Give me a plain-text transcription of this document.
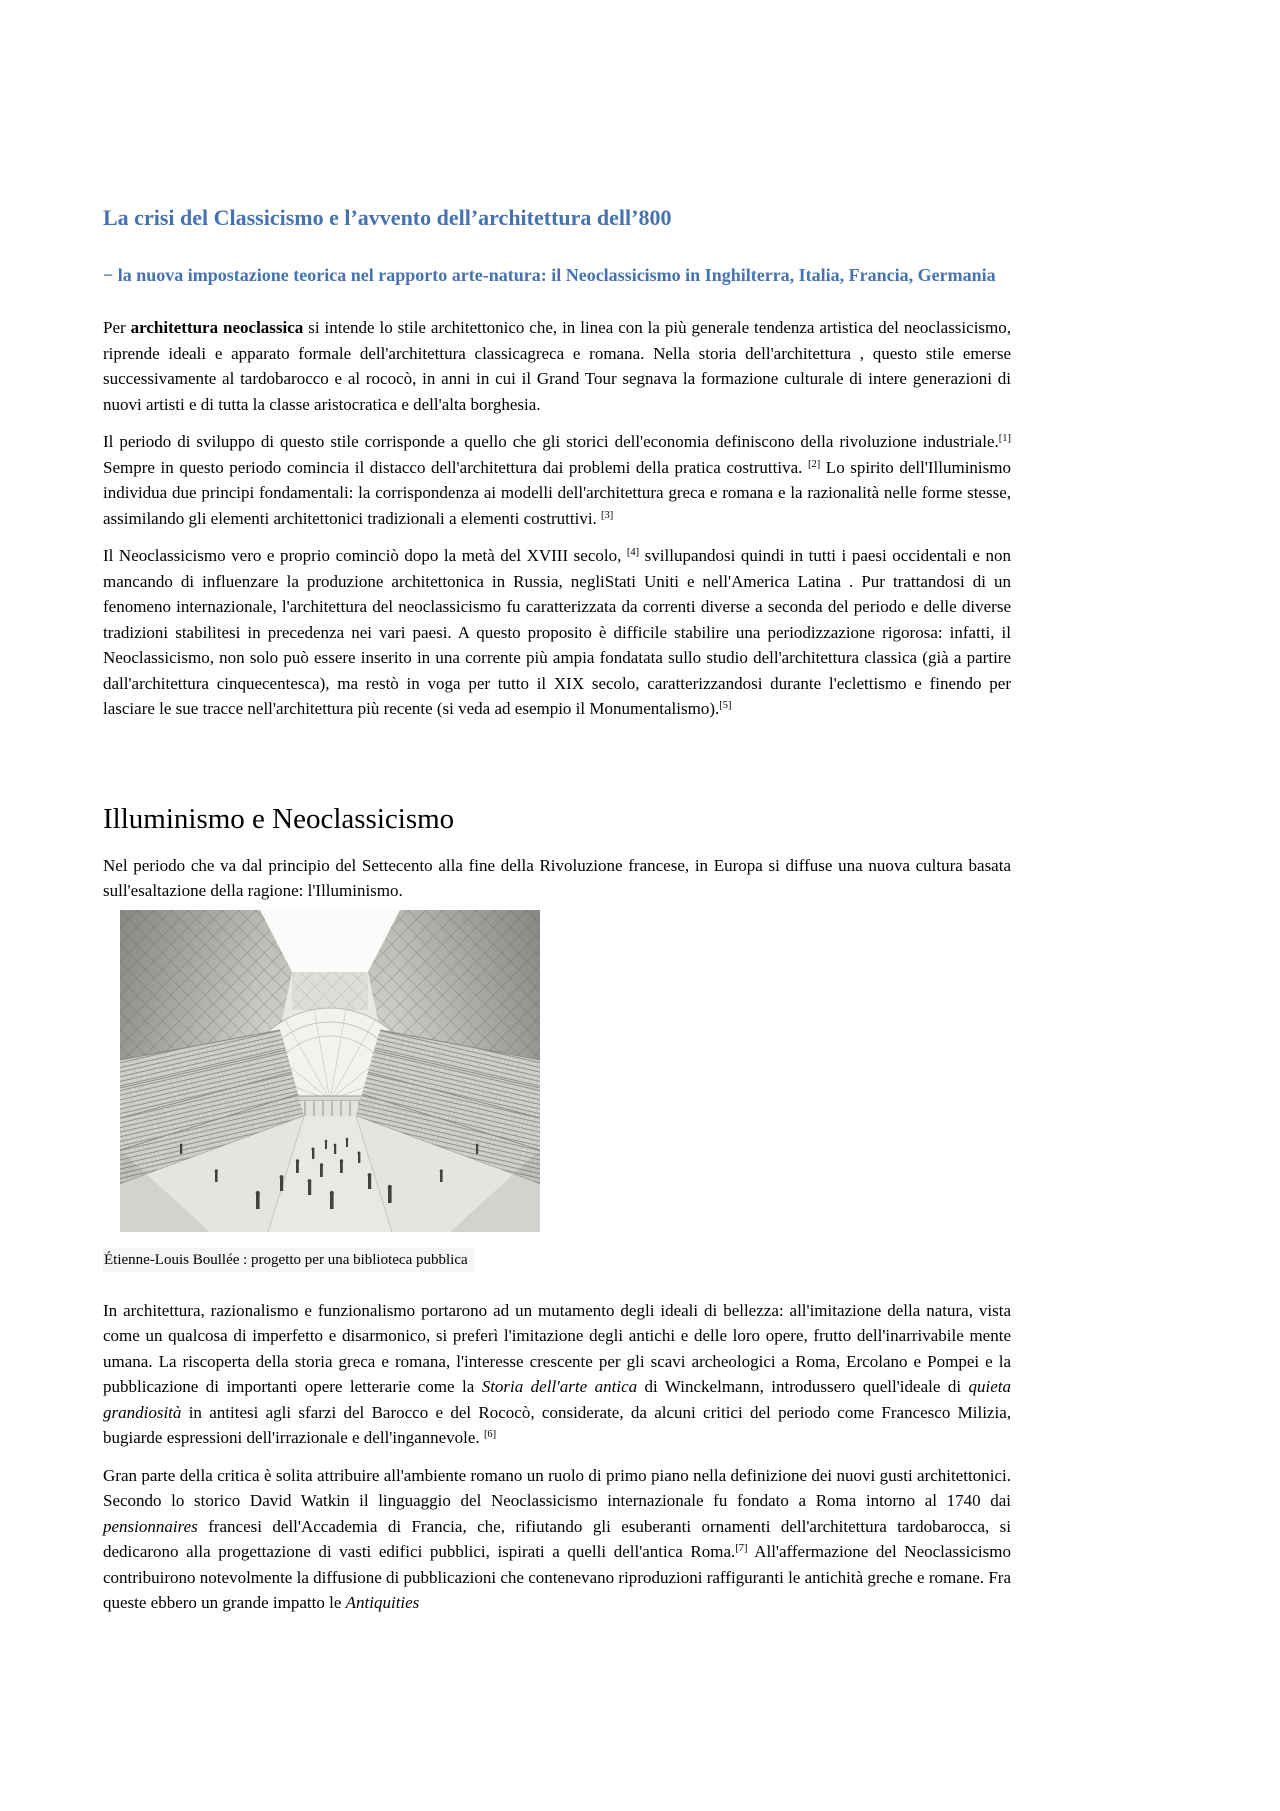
La crisi del Classicismo e l’avvento dell’architettura dell’800
− la nuova impostazione teorica nel rapporto arte-natura: il Neoclassicismo in Inghilterra, Italia, Francia, Germania

Per architettura neoclassica si intende lo stile architettonico che, in linea con la più generale tendenza artistica del neoclassicismo, riprende ideali e apparato formale dell'architettura classicagreca e romana. Nella storia dell'architettura , questo stile emerse successivamente al tardobarocco e al rococò, in anni in cui il Grand Tour segnava la formazione culturale di intere generazioni di nuovi artisti e di tutta la classe aristocratica e dell'alta borghesia.

Il periodo di sviluppo di questo stile corrisponde a quello che gli storici dell'economia definiscono della rivoluzione industriale.[1] Sempre in questo periodo comincia il distacco dell'architettura dai problemi della pratica costruttiva. [2] Lo spirito dell'Illuminismo individua due principi fondamentali: la corrispondenza ai modelli dell'architettura greca e romana e la razionalità nelle forme stesse, assimilando gli elementi architettonici tradizionali a elementi costruttivi. [3]

Il Neoclassicismo vero e proprio cominciò dopo la metà del XVIII secolo, [4] svillupandosi quindi in tutti i paesi occidentali e non mancando di influenzare la produzione architettonica in Russia, negliStati Uniti e nell'America Latina . Pur trattandosi di un fenomeno internazionale, l'architettura del neoclassicismo fu caratterizzata da correnti diverse a seconda del periodo e delle diverse tradizioni stabilitesi in precedenza nei vari paesi. A questo proposito è difficile stabilire una periodizzazione rigorosa: infatti, il Neoclassicismo, non solo può essere inserito in una corrente più ampia fondatata sullo studio dell'architettura classica (già a partire dall'architettura cinquecentesca), ma restò in voga per tutto il XIX secolo, caratterizzandosi durante l'eclettismo e finendo per lasciare le sue tracce nell'architettura più recente (si veda ad esempio il Monumentalismo).[5]

Illuminismo e Neoclassicismo

Nel periodo che va dal principio del Settecento alla fine della Rivoluzione francese, in Europa si diffuse una nuova cultura basata sull'esaltazione della ragione: l'Illuminismo.

Étienne-Louis Boullée : progetto per una biblioteca pubblica

In architettura, razionalismo e funzionalismo portarono ad un mutamento degli ideali di bellezza: all'imitazione della natura, vista come un qualcosa di imperfetto e disarmonico, si preferì l'imitazione degli antichi e delle loro opere, frutto dell'inarrivabile mente umana. La riscoperta della storia greca e romana, l'interesse crescente per gli scavi archeologici a Roma, Ercolano e Pompei e la pubblicazione di importanti opere letterarie come la Storia dell'arte antica di Winckelmann, introdussero quell'ideale di quieta grandiosità in antitesi agli sfarzi del Barocco e del Rococò, considerate, da alcuni critici del periodo come Francesco Milizia, bugiarde espressioni dell'irrazionale e dell'ingannevole. [6]

Gran parte della critica è solita attribuire all'ambiente romano un ruolo di primo piano nella definizione dei nuovi gusti architettonici. Secondo lo storico David Watkin il linguaggio del Neoclassicismo internazionale fu fondato a Roma intorno al 1740 dai pensionnaires francesi dell'Accademia di Francia, che, rifiutando gli esuberanti ornamenti dell'architettura tardobarocca, si dedicarono alla progettazione di vasti edifici pubblici, ispirati a quelli dell'antica Roma.[7] All'affermazione del Neoclassicismo contribuirono notevolmente la diffusione di pubblicazioni che contenevano riproduzioni raffiguranti le antichità greche e romane. Fra queste ebbero un grande impatto le Antiquities
